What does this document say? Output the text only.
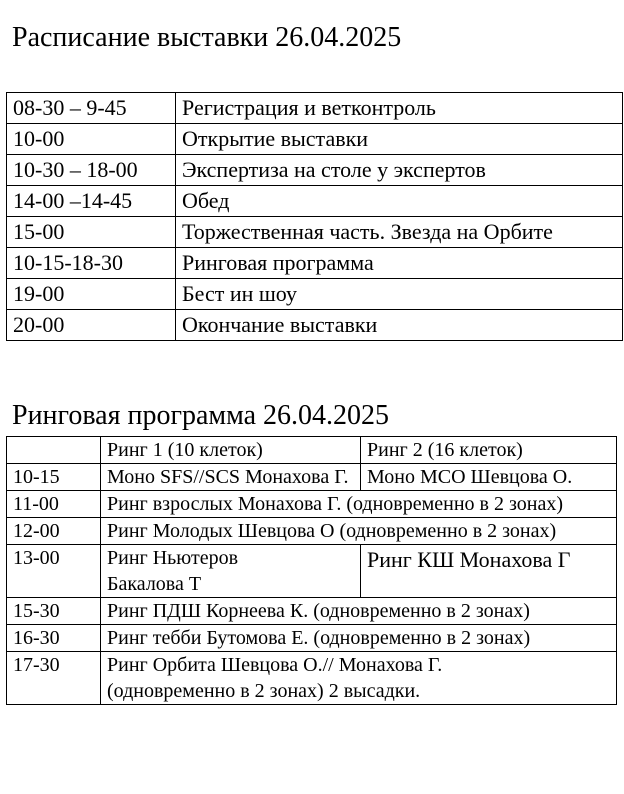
Расписание выставки 26.04.2025
08-30 – 9-45	Регистрация и ветконтроль
10-00	Открытие выставки
10-30 – 18-00	Экспертиза на столе у экспертов
14-00 –14-45	Обед
15-00	Торжественная часть. Звезда на Орбите
10-15-18-30	Ринговая программа
19-00	Бест ин шоу
20-00	Окончание выставки
Ринговая программа 26.04.2025
	Ринг 1 (10 клеток)	Ринг 2 (16 клеток)
10-15	Моно SFS//SCS Монахова Г.	Моно МСО Шевцова О.
11-00	Ринг взрослых Монахова Г. (одновременно в 2 зонах)	
12-00	Ринг Молодых Шевцова О (одновременно в 2 зонах)	
13-00	Ринг Ньютеров Бакалова Т	Ринг КШ Монахова Г
15-30	Ринг ПДШ Корнеева К. (одновременно в 2 зонах)	
16-30	Ринг тебби Бутомова Е. (одновременно в 2 зонах)	
17-30	Ринг Орбита Шевцова О.// Монахова Г. (одновременно в 2 зонах) 2 высадки.	
